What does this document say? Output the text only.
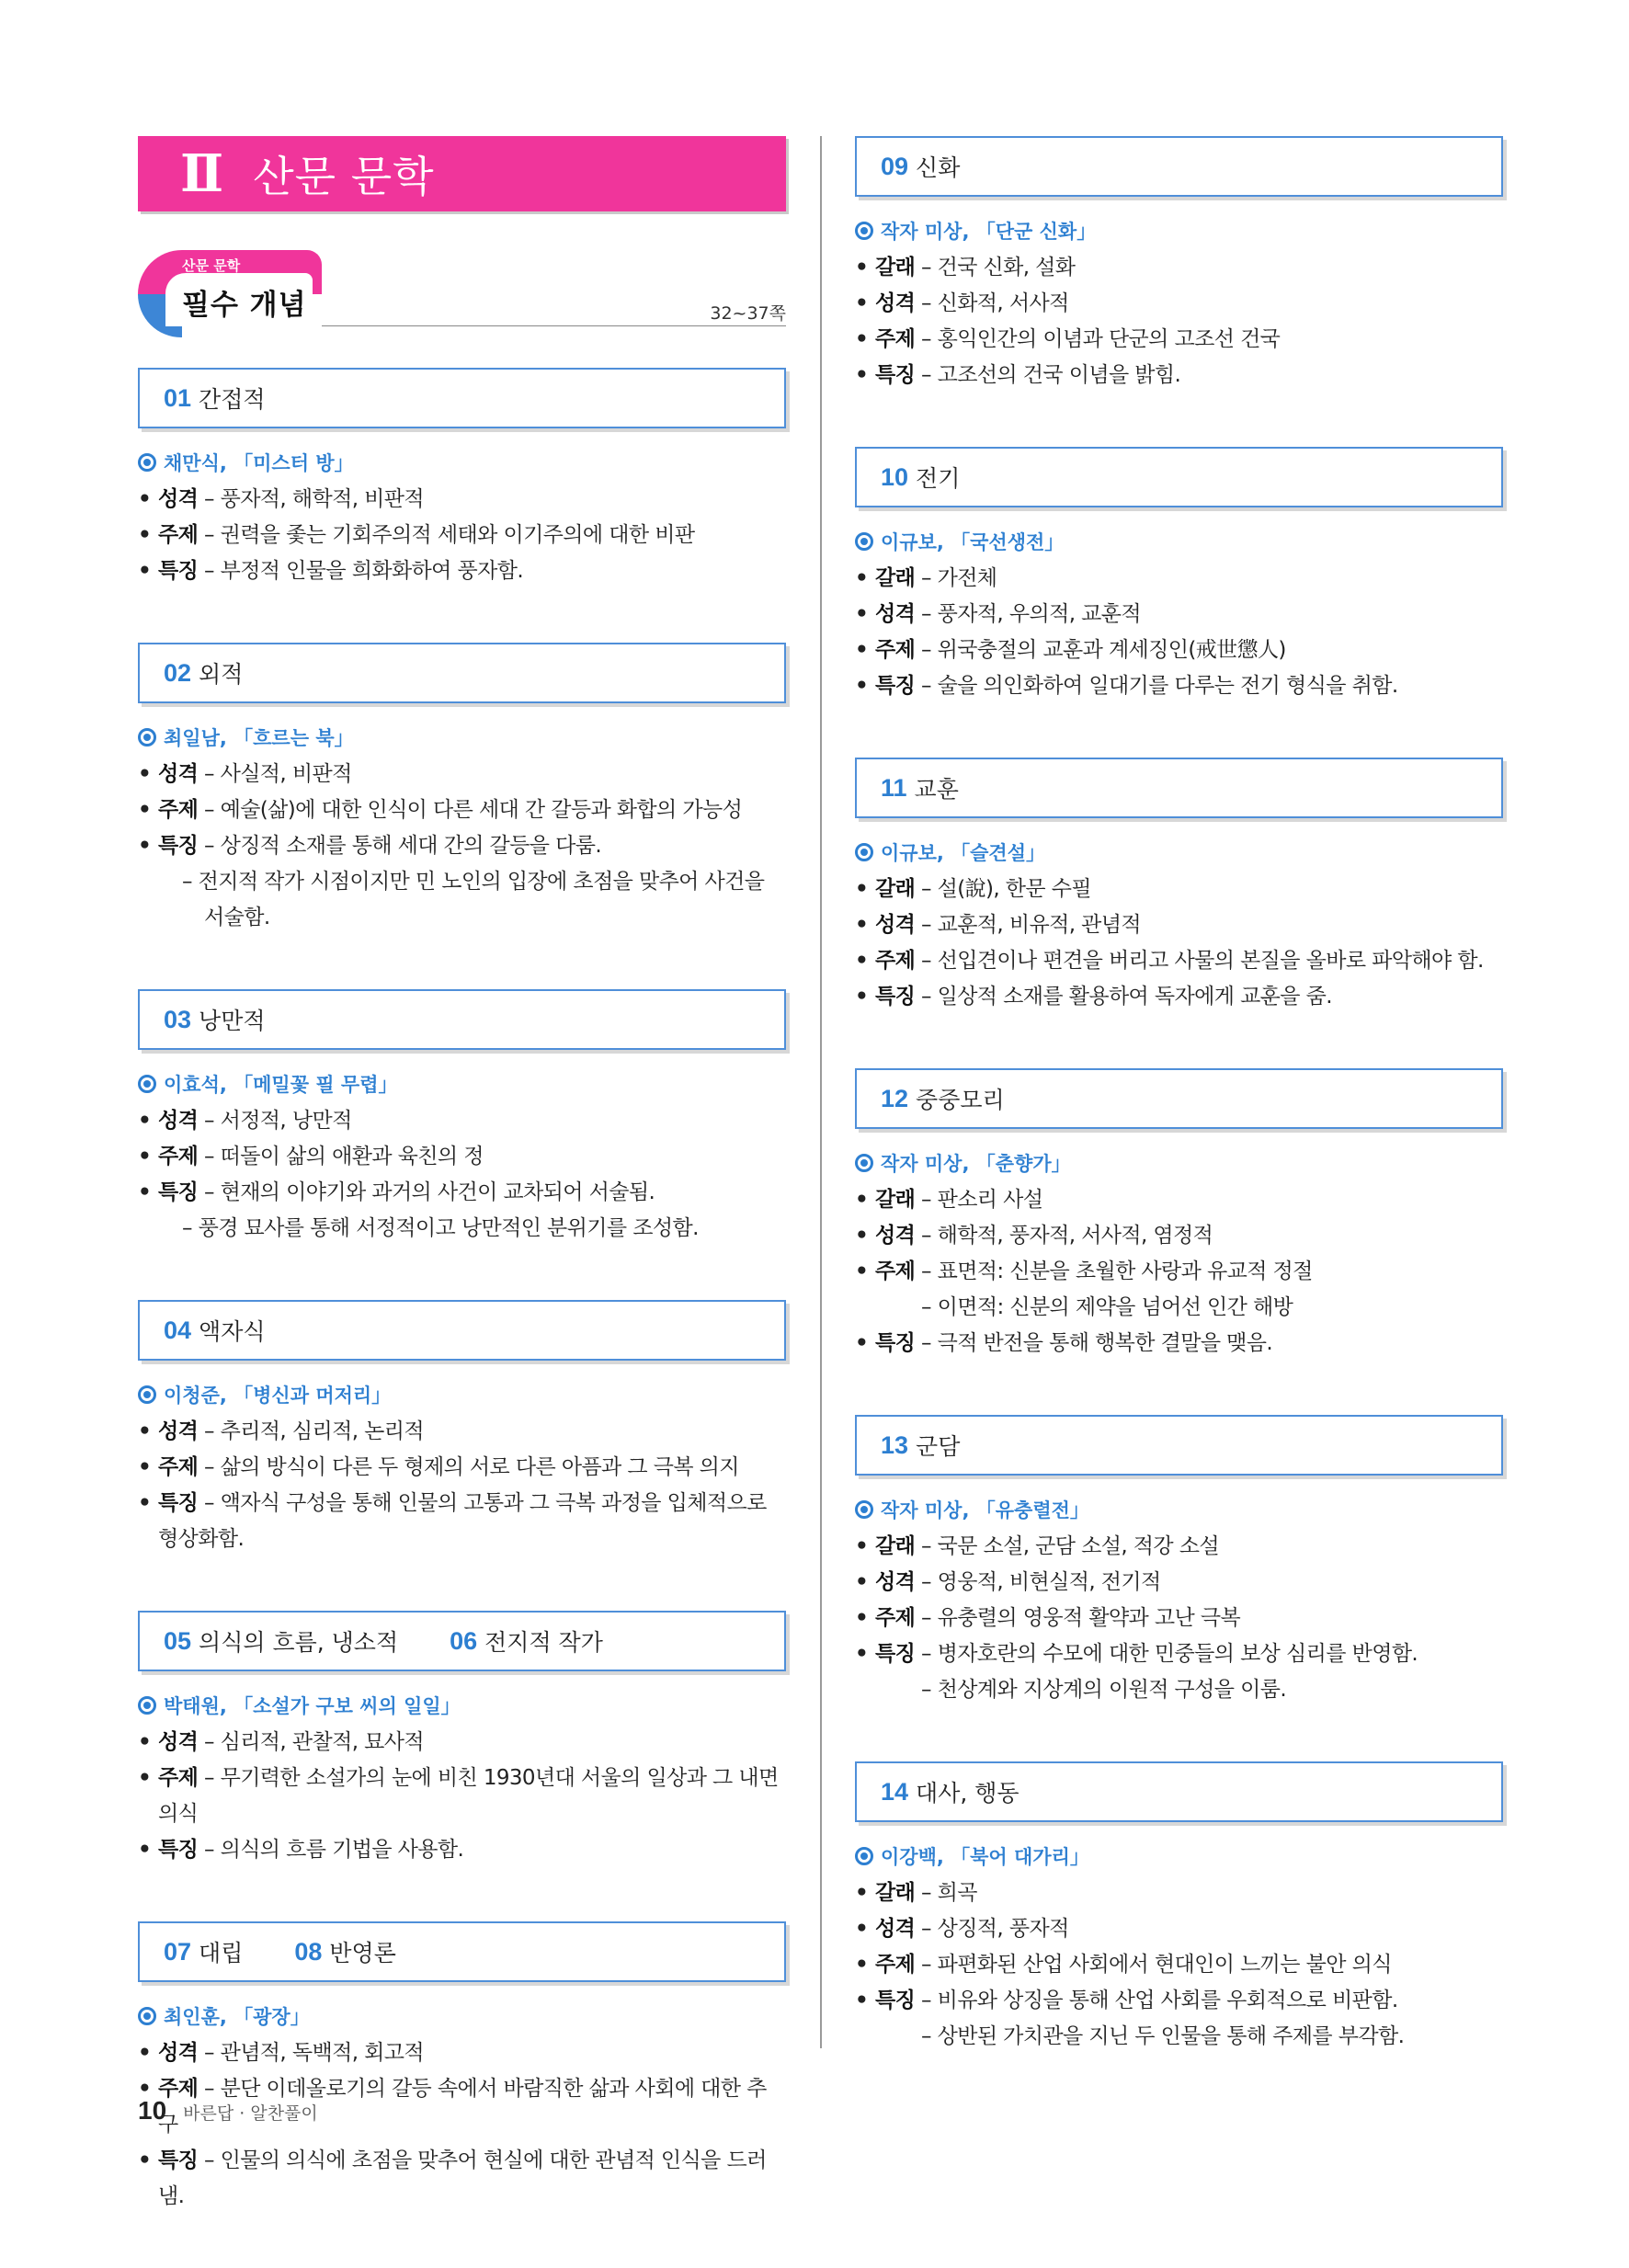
Ⅱ 산문 문학
산문 문학
필수 개념	32~37쪽
01 간접적
채만식, 「미스터 방」
• 성격 – 풍자적, 해학적, 비판적
• 주제 – 권력을 좇는 기회주의적 세태와 이기주의에 대한 비판
• 특징 – 부정적 인물을 희화화하여 풍자함.
02 외적
최일남, 「흐르는 북」
• 성격 – 사실적, 비판적
• 주제 – 예술(삶)에 대한 인식이 다른 세대 간 갈등과 화합의 가능성
• 특징 – 상징적 소재를 통해 세대 간의 갈등을 다룸.
– 전지적 작가 시점이지만 민 노인의 입장에 초점을 맞추어 사건을 서술함.
03 낭만적
이효석, 「메밀꽃 필 무렵」
• 성격 – 서정적, 낭만적
• 주제 – 떠돌이 삶의 애환과 육친의 정
• 특징 – 현재의 이야기와 과거의 사건이 교차되어 서술됨.
– 풍경 묘사를 통해 서정적이고 낭만적인 분위기를 조성함.
04 액자식
이청준, 「병신과 머저리」
• 성격 – 추리적, 심리적, 논리적
• 주제 – 삶의 방식이 다른 두 형제의 서로 다른 아픔과 그 극복 의지
• 특징 – 액자식 구성을 통해 인물의 고통과 그 극복 과정을 입체적으로 형상화함.
05 의식의 흐름, 냉소적 06 전지적 작가
박태원, 「소설가 구보 씨의 일일」
• 성격 – 심리적, 관찰적, 묘사적
• 주제 – 무기력한 소설가의 눈에 비친 1930년대 서울의 일상과 그 내면 의식
• 특징 – 의식의 흐름 기법을 사용함.
07 대립 08 반영론
최인훈, 「광장」
• 성격 – 관념적, 독백적, 회고적
• 주제 – 분단 이데올로기의 갈등 속에서 바람직한 삶과 사회에 대한 추구
• 특징 – 인물의 의식에 초점을 맞추어 현실에 대한 관념적 인식을 드러냄.
09 신화
작자 미상, 「단군 신화」
• 갈래 – 건국 신화, 설화
• 성격 – 신화적, 서사적
• 주제 – 홍익인간의 이념과 단군의 고조선 건국
• 특징 – 고조선의 건국 이념을 밝힘.
10 전기
이규보, 「국선생전」
• 갈래 – 가전체
• 성격 – 풍자적, 우의적, 교훈적
• 주제 – 위국충절의 교훈과 계세징인(戒世懲人)
• 특징 – 술을 의인화하여 일대기를 다루는 전기 형식을 취함.
11 교훈
이규보, 「슬견설」
• 갈래 – 설(說), 한문 수필
• 성격 – 교훈적, 비유적, 관념적
• 주제 – 선입견이나 편견을 버리고 사물의 본질을 올바로 파악해야 함.
• 특징 – 일상적 소재를 활용하여 독자에게 교훈을 줌.
12 중중모리
작자 미상, 「춘향가」
• 갈래 – 판소리 사설
• 성격 – 해학적, 풍자적, 서사적, 염정적
• 주제 – 표면적: 신분을 초월한 사랑과 유교적 정절
– 이면적: 신분의 제약을 넘어선 인간 해방
• 특징 – 극적 반전을 통해 행복한 결말을 맺음.
13 군담
작자 미상, 「유충렬전」
• 갈래 – 국문 소설, 군담 소설, 적강 소설
• 성격 – 영웅적, 비현실적, 전기적
• 주제 – 유충렬의 영웅적 활약과 고난 극복
• 특징 – 병자호란의 수모에 대한 민중들의 보상 심리를 반영함.
– 천상계와 지상계의 이원적 구성을 이룸.
14 대사, 행동
이강백, 「북어 대가리」
• 갈래 – 희곡
• 성격 – 상징적, 풍자적
• 주제 – 파편화된 산업 사회에서 현대인이 느끼는 불안 의식
• 특징 – 비유와 상징을 통해 산업 사회를 우회적으로 비판함.
– 상반된 가치관을 지닌 두 인물을 통해 주제를 부각함.
10 바른답 · 알찬풀이
